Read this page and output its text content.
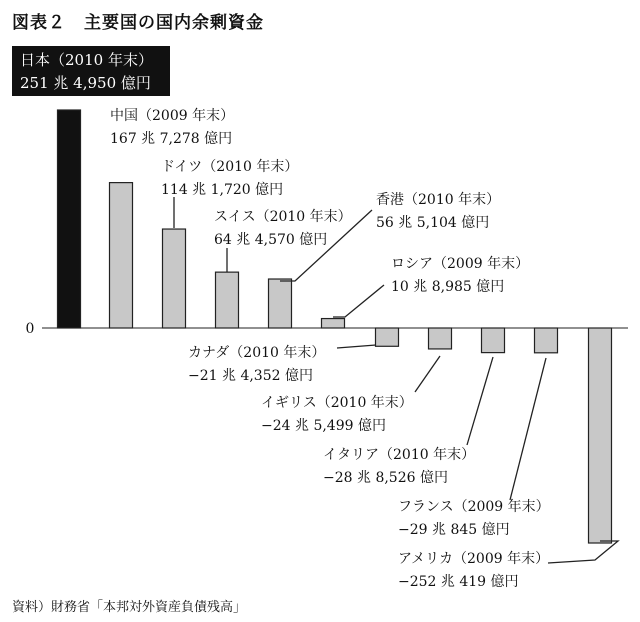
図表２　主要国の国内余剰資金
0
日本（2010 年末）
251 兆 4,950 億円
中国（2009 年末）
167 兆 7,278 億円
ドイツ（2010 年末）
114 兆 1,720 億円
スイス（2010 年末）
64 兆 4,570 億円
香港（2010 年末）
56 兆 5,104 億円
ロシア（2009 年末）
10 兆 8,985 億円
カナダ（2010 年末）
−21 兆 4,352 億円
イギリス（2010 年末）
−24 兆 5,499 億円
イタリア（2010 年末）
−28 兆 8,526 億円
フランス（2009 年末）
−29 兆 845 億円
アメリカ（2009 年末）
−252 兆 419 億円
資料）財務省「本邦対外資産負債残高」
